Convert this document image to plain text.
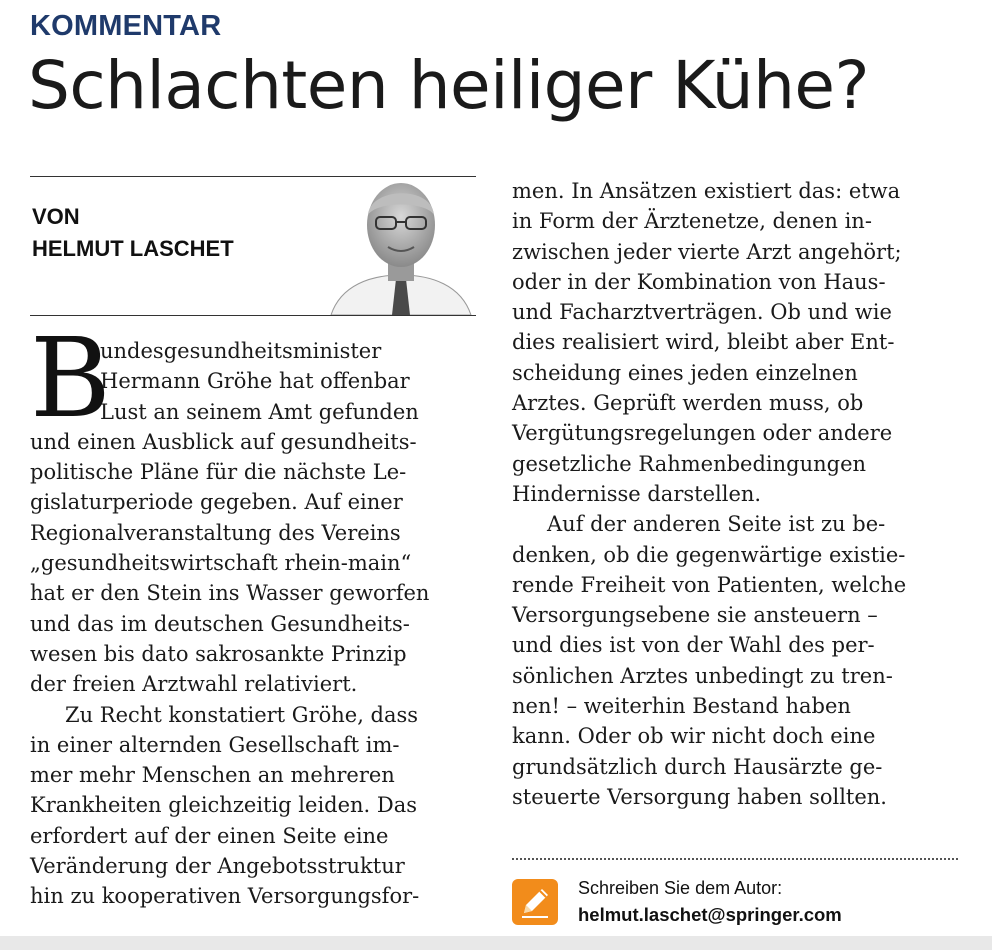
KOMMENTAR
Schlachten heiliger Kühe?
VON
HELMUT LASCHET
B
undesgesundheitsminister
Hermann Gröhe hat offenbar
Lust an seinem Amt gefunden
und einen Ausblick auf gesundheits-
politische Pläne für die nächste Le-
gislaturperiode gegeben. Auf einer
Regionalveranstaltung des Vereins
„gesundheitswirtschaft rhein-main“
hat er den Stein ins Wasser geworfen
und das im deutschen Gesundheits-
wesen bis dato sakrosankte Prinzip
der freien Arztwahl relativiert.
Zu Recht konstatiert Gröhe, dass
in einer alternden Gesellschaft im-
mer mehr Menschen an mehreren
Krankheiten gleichzeitig leiden. Das
erfordert auf der einen Seite eine
Veränderung der Angebotsstruktur
hin zu kooperativen Versorgungsfor-
men. In Ansätzen existiert das: etwa
in Form der Ärztenetze, denen in-
zwischen jeder vierte Arzt angehört;
oder in der Kombination von Haus-
und Facharztverträgen. Ob und wie
dies realisiert wird, bleibt aber Ent-
scheidung eines jeden einzelnen
Arztes. Geprüft werden muss, ob
Vergütungsregelungen oder andere
gesetzliche Rahmenbedingungen
Hindernisse darstellen.
Auf der anderen Seite ist zu be-
denken, ob die gegenwärtige existie-
rende Freiheit von Patienten, welche
Versorgungsebene sie ansteuern –
und dies ist von der Wahl des per-
sönlichen Arztes unbedingt zu tren-
nen! – weiterhin Bestand haben
kann. Oder ob wir nicht doch eine
grundsätzlich durch Hausärzte ge-
steuerte Versorgung haben sollten.
Schreiben Sie dem Autor:
helmut.laschet@springer.com
